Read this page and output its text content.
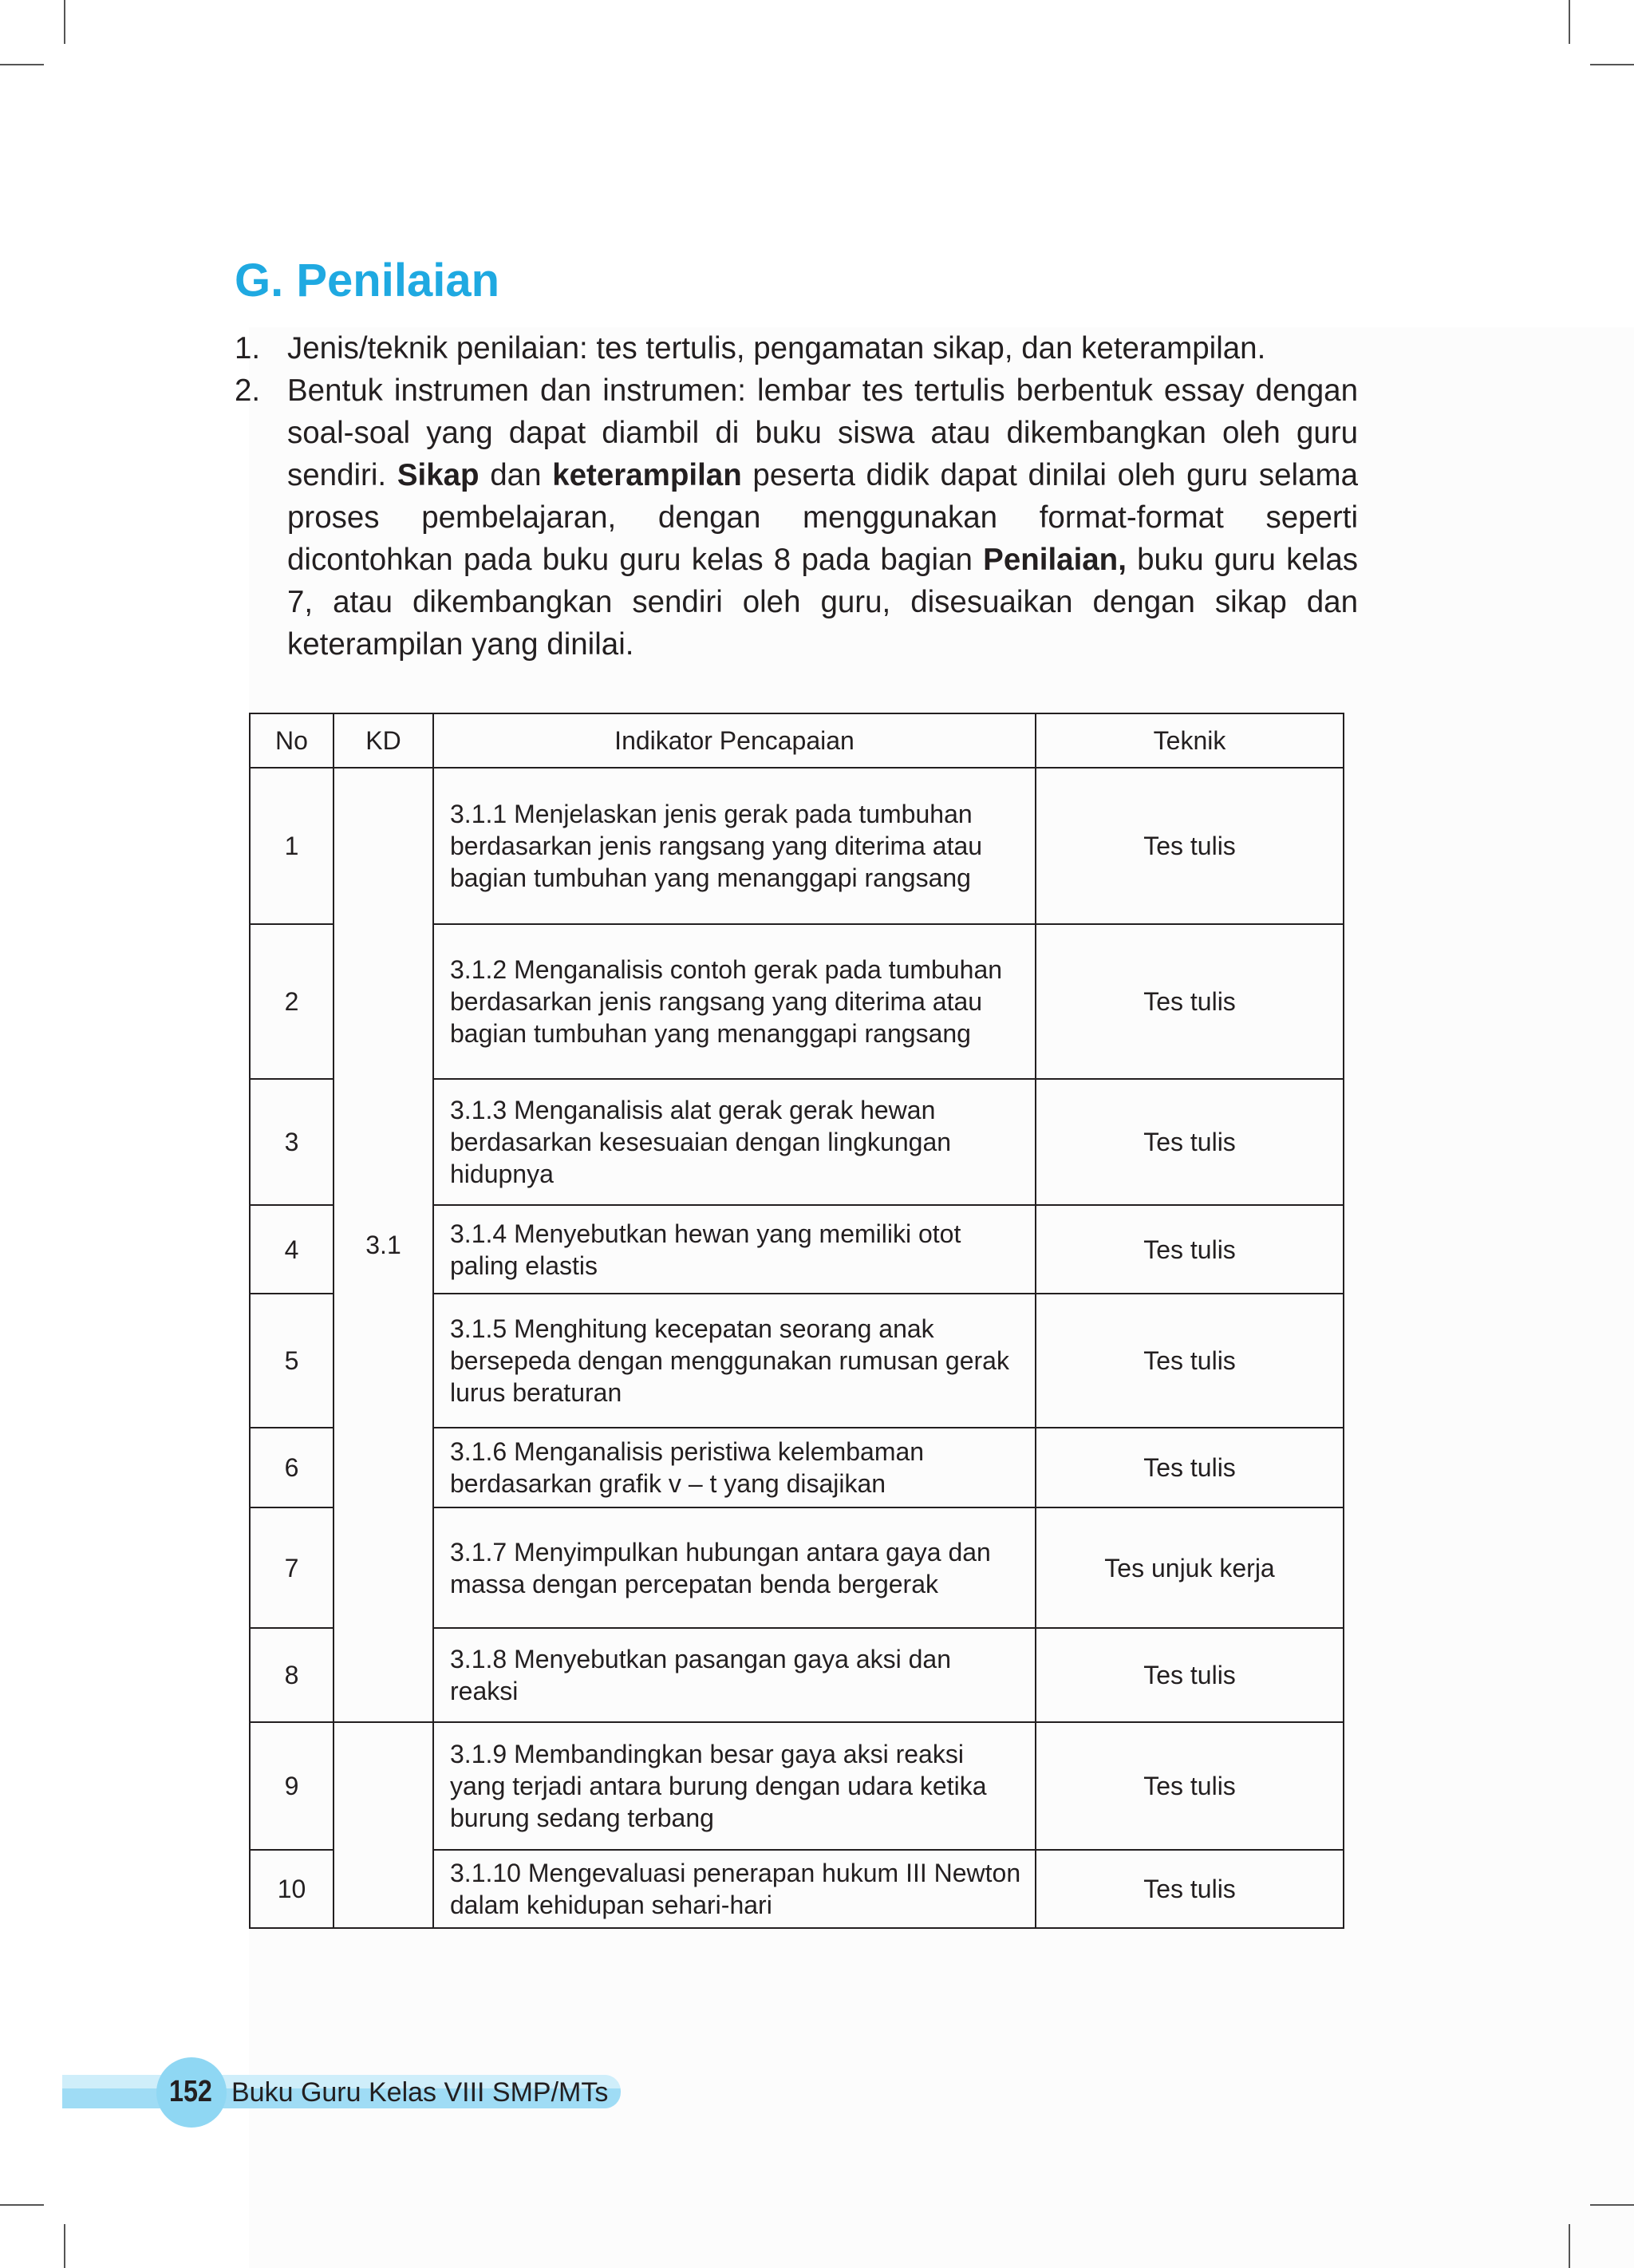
G. Penilaian
1. Jenis/teknik penilaian: tes tertulis, pengamatan sikap, dan keterampilan.
2. Bentuk instrumen dan instrumen: lembar tes tertulis berbentuk essay dengan soal-soal yang dapat diambil di buku siswa atau dikembangkan oleh guru sendiri. Sikap dan keterampilan peserta didik dapat dinilai oleh guru selama proses pembelajaran, dengan menggunakan format-format seperti dicontohkan pada buku guru kelas 8 pada bagian Penilaian, buku guru kelas 7, atau dikembangkan sendiri oleh guru, disesuaikan dengan sikap dan keterampilan yang dinilai.
No	KD	Indikator Pencapaian	Teknik
1	3.1	3.1.1 Menjelaskan jenis gerak pada tumbuhan berdasarkan jenis rangsang yang diterima atau bagian tumbuhan yang menanggapi rangsang	Tes tulis
2		3.1.2 Menganalisis contoh gerak pada tumbuhan berdasarkan jenis rangsang yang diterima atau bagian tumbuhan yang menanggapi rangsang	Tes tulis
3		3.1.3 Menganalisis alat gerak gerak hewan berdasarkan kesesuaian dengan lingkungan hidupnya	Tes tulis
4		3.1.4 Menyebutkan hewan yang memiliki otot paling elastis	Tes tulis
5		3.1.5 Menghitung kecepatan seorang anak bersepeda dengan menggunakan rumusan gerak lurus beraturan	Tes tulis
6		3.1.6 Menganalisis peristiwa kelembaman berdasarkan grafik v – t yang disajikan	Tes tulis
7		3.1.7 Menyimpulkan hubungan antara gaya dan massa dengan percepatan benda bergerak	Tes unjuk kerja
8		3.1.8 Menyebutkan pasangan gaya aksi dan reaksi	Tes tulis
9		3.1.9 Membandingkan besar gaya aksi reaksi yang terjadi antara burung dengan udara ketika burung sedang terbang	Tes tulis
10		3.1.10 Mengevaluasi penerapan hukum III Newton dalam kehidupan sehari-hari	Tes tulis
152 Buku Guru Kelas VIII SMP/MTs
